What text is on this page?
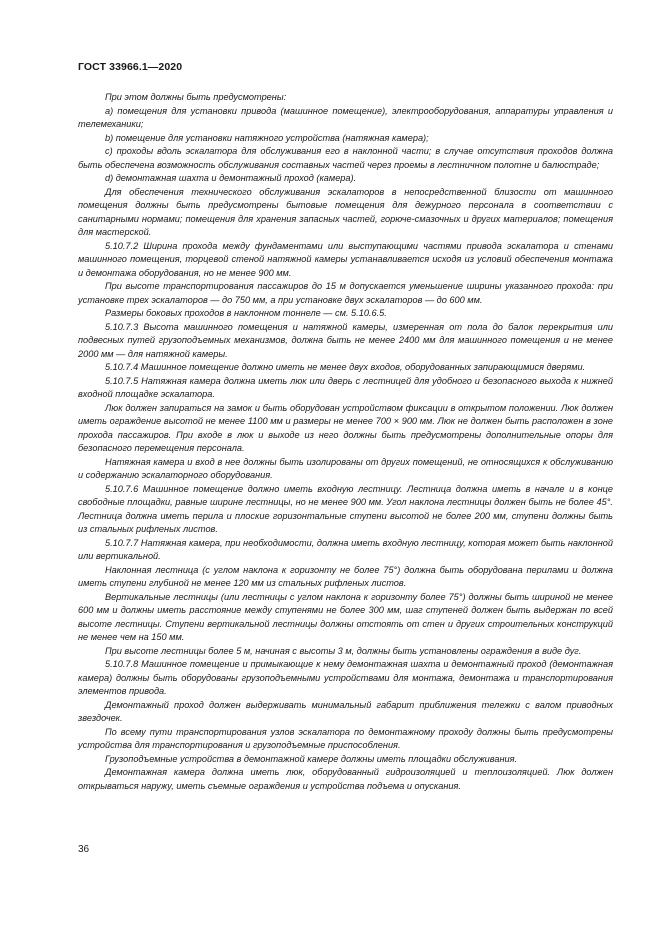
ГОСТ 33966.1—2020

При этом должны быть предусмотрены:

а) помещения для установки привода (машинное помещение), электрооборудования, аппаратуры управления и телемеханики;

b) помещение для установки натяжного устройства (натяжная камера);

c) проходы вдоль эскалатора для обслуживания его в наклонной части; в случае отсутствия проходов должна быть обеспечена возможность обслуживания составных частей через проемы в лестничном полотне и балюстраде;

d) демонтажная шахта и демонтажный проход (камера).

Для обеспечения технического обслуживания эскалаторов в непосредственной близости от машинного помещения должны быть предусмотрены бытовые помещения для дежурного персонала в соответствии с санитарными нормами; помещения для хранения запасных частей, горюче-смазочных и других материалов; помещения для мастерской.

5.10.7.2 Ширина прохода между фундаментами или выступающими частями привода эскалатора и стенами машинного помещения, торцевой стеной натяжной камеры устанавливается исходя из условий обеспечения монтажа и демонтажа оборудования, но не менее 900 мм.

При высоте транспортирования пассажиров до 15 м допускается уменьшение ширины указанного прохода: при установке трех эскалаторов — до 750 мм, а при установке двух эскалаторов — до 600 мм.

Размеры боковых проходов в наклонном тоннеле — см. 5.10.6.5.

5.10.7.3 Высота машинного помещения и натяжной камеры, измеренная от пола до балок перекрытия или подвесных путей грузоподъемных механизмов, должна быть не менее 2400 мм для машинного помещения и не менее 2000 мм — для натяжной камеры.

5.10.7.4 Машинное помещение должно иметь не менее двух входов, оборудованных запирающимися дверями.

5.10.7.5 Натяжная камера должна иметь люк или дверь с лестницей для удобного и безопасного выхода к нижней входной площадке эскалатора.

Люк должен запираться на замок и быть оборудован устройством фиксации в открытом положении. Люк должен иметь ограждение высотой не менее 1100 мм и размеры не менее 700 × 900 мм. Люк не должен быть расположен в зоне прохода пассажиров. При входе в люк и выходе из него должны быть предусмотрены дополнительные опоры для безопасного перемещения персонала.

Натяжная камера и вход в нее должны быть изолированы от других помещений, не относящихся к обслуживанию и содержанию эскалаторного оборудования.

5.10.7.6 Машинное помещение должно иметь входную лестницу. Лестница должна иметь в начале и в конце свободные площадки, равные ширине лестницы, но не менее 900 мм. Угол наклона лестницы должен быть не более 45°. Лестница должна иметь перила и плоские горизонтальные ступени высотой не более 200 мм, ступени должны быть из стальных рифленых листов.

5.10.7.7 Натяжная камера, при необходимости, должна иметь входную лестницу, которая может быть наклонной или вертикальной.

Наклонная лестница (с углом наклона к горизонту не более 75°) должна быть оборудована перилами и должна иметь ступени глубиной не менее 120 мм из стальных рифленых листов.

Вертикальные лестницы (или лестницы с углом наклона к горизонту более 75°) должны быть шириной не менее 600 мм и должны иметь расстояние между ступенями не более 300 мм, шаг ступеней должен быть выдержан по всей высоте лестницы. Ступени вертикальной лестницы должны отстоять от стен и других строительных конструкций не менее чем на 150 мм.

При высоте лестницы более 5 м, начиная с высоты 3 м, должны быть установлены ограждения в виде дуг.

5.10.7.8 Машинное помещение и примыкающие к нему демонтажная шахта и демонтажный проход (демонтажная камера) должны быть оборудованы грузоподъемными устройствами для монтажа, демонтажа и транспортирования элементов привода.

Демонтажный проход должен выдерживать минимальный габарит приближения тележки с валом приводных звездочек.

По всему пути транспортирования узлов эскалатора по демонтажному проходу должны быть предусмотрены устройства для транспортирования и грузоподъемные приспособления.

Грузоподъемные устройства в демонтажной камере должны иметь площадки обслуживания.

Демонтажная камера должна иметь люк, оборудованный гидроизоляцией и теплоизоляцией. Люк должен открываться наружу, иметь съемные ограждения и устройства подъема и опускания.

36
